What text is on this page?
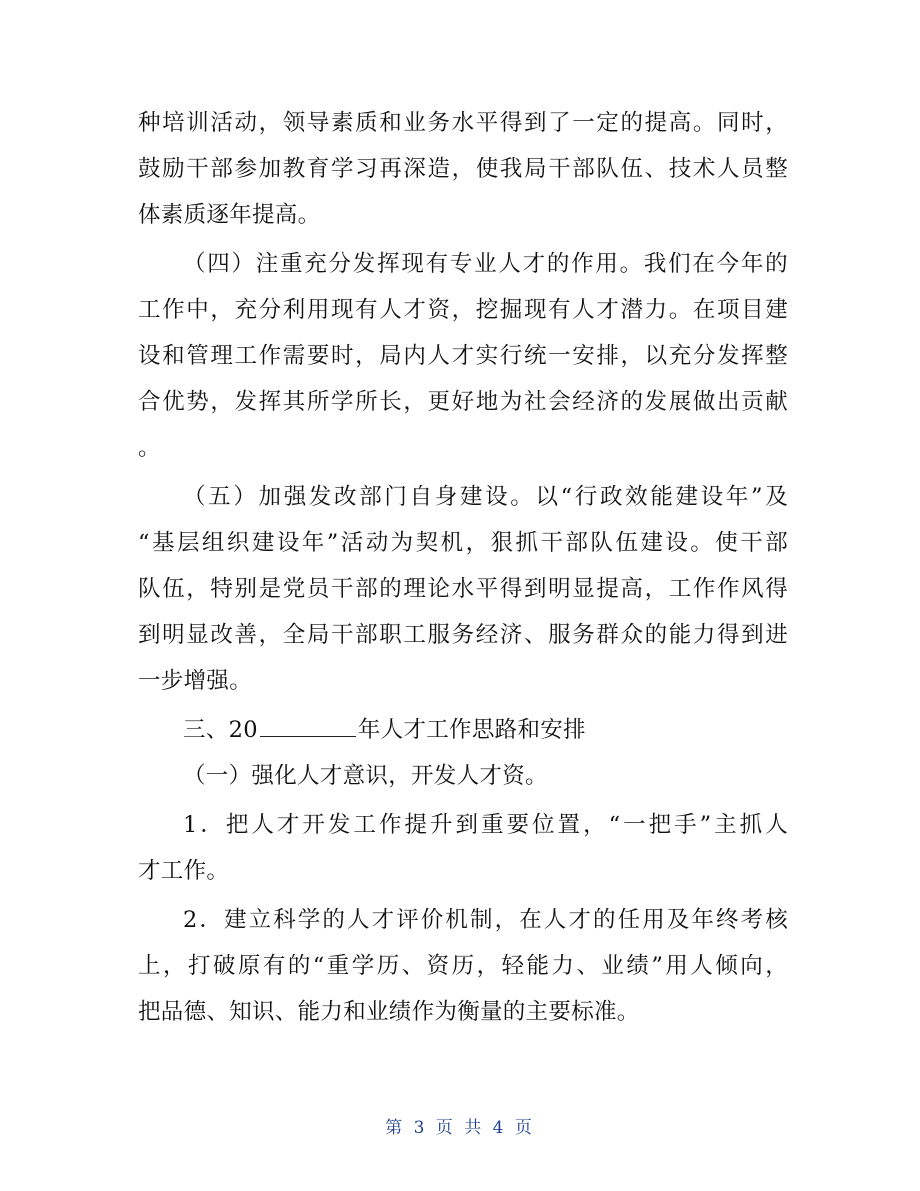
种培训活动，领导素质和业务水平得到了一定的提高。同时，
鼓励干部参加教育学习再深造，使我局干部队伍、技术人员整
体素质逐年提高。
（四）注重充分发挥现有专业人才的作用。我们在今年的
工作中，充分利用现有人才资，挖掘现有人才潜力。在项目建
设和管理工作需要时，局内人才实行统一安排，以充分发挥整
合优势，发挥其所学所长，更好地为社会经济的发展做出贡献
。
（五）加强发改部门自身建设。以“行政效能建设年”及
“基层组织建设年”活动为契机，狠抓干部队伍建设。使干部
队伍，特别是党员干部的理论水平得到明显提高，工作作风得
到明显改善，全局干部职工服务经济、服务群众的能力得到进
一步增强。
三、20	年人才工作思路和安排
（一）强化人才意识，开发人才资。
1．把人才开发工作提升到重要位置，“一把手”主抓人
才工作。
2．建立科学的人才评价机制，在人才的任用及年终考核
上，打破原有的“重学历、资历，轻能力、业绩”用人倾向，
把品德、知识、能力和业绩作为衡量的主要标准。
第 3 页 共 4 页
